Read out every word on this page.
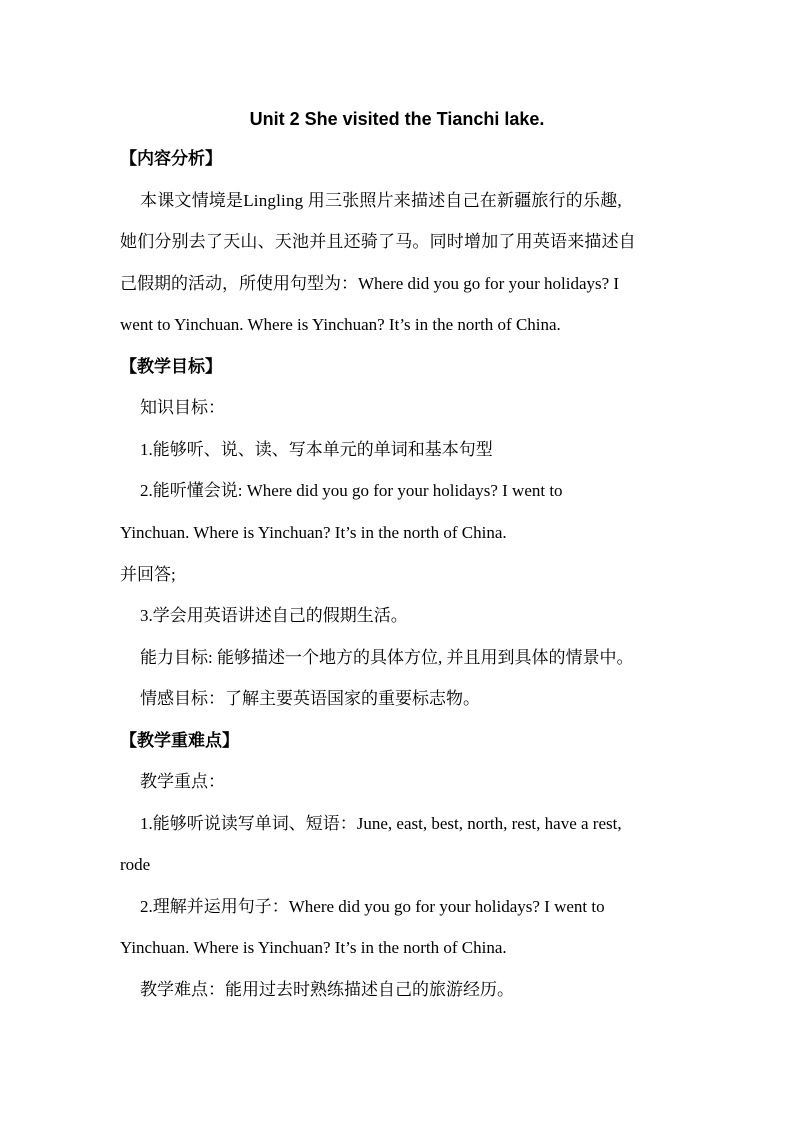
Unit 2 She visited the Tianchi lake.
【内容分析】
本课文情境是Lingling 用三张照片来描述自己在新疆旅行的乐趣,
她们分别去了天山、天池并且还骑了马。同时增加了用英语来描述自
己假期的活动，所使用句型为：Where did you go for your holidays? I
went to Yinchuan. Where is Yinchuan? It’s in the north of China.
【教学目标】
知识目标：
1.能够听、说、读、写本单元的单词和基本句型
2.能听懂会说: Where did you go for your holidays? I went to
Yinchuan. Where is Yinchuan? It’s in the north of China.
并回答;
3.学会用英语讲述自己的假期生活。
能力目标: 能够描述一个地方的具体方位, 并且用到具体的情景中。
情感目标：了解主要英语国家的重要标志物。
【教学重难点】
教学重点：
1.能够听说读写单词、短语：June, east, best, north, rest, have a rest,
rode
2.理解并运用句子：Where did you go for your holidays? I went to
Yinchuan. Where is Yinchuan? It’s in the north of China.
教学难点：能用过去时熟练描述自己的旅游经历。
